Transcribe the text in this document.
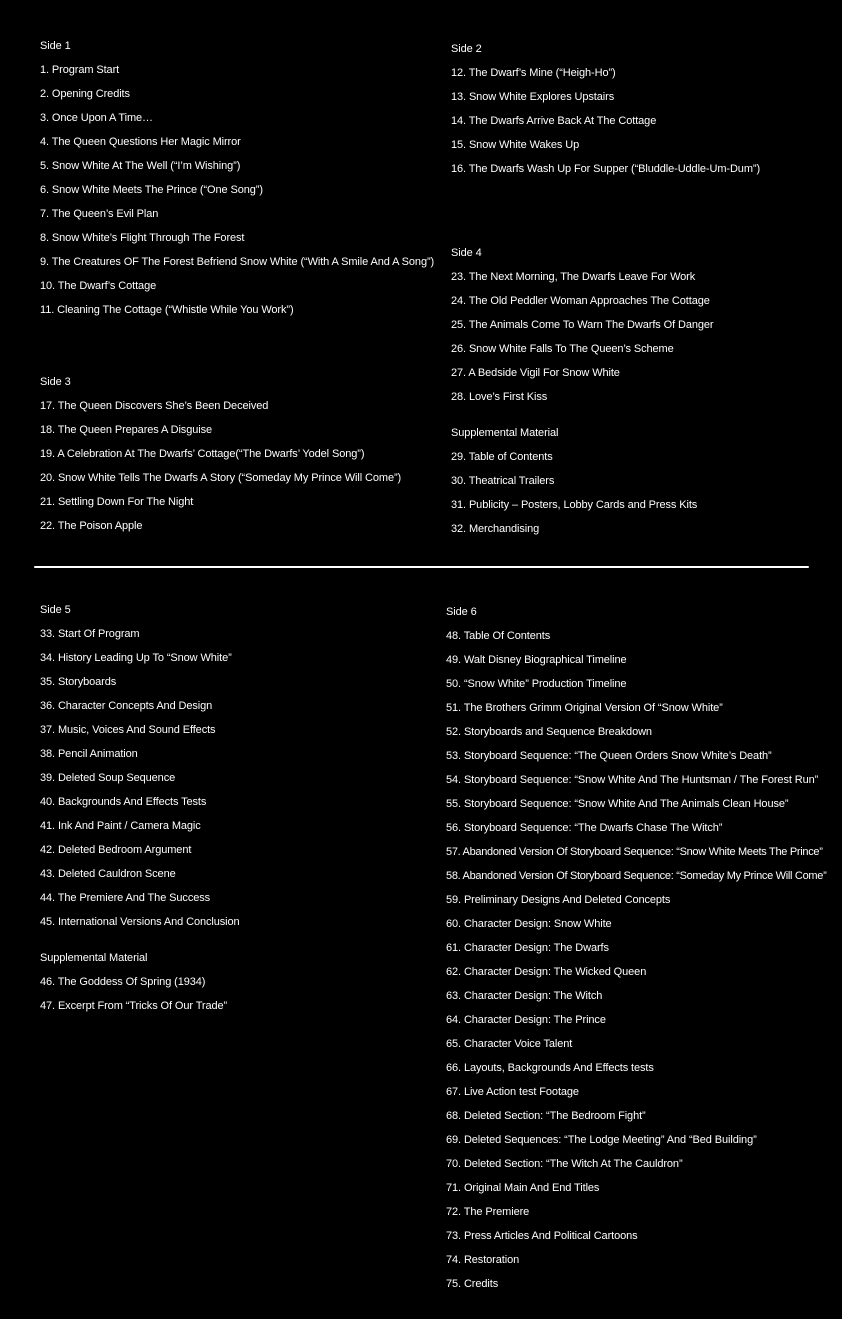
Side 1
1. Program Start
2. Opening Credits
3. Once Upon A Time…
4. The Queen Questions Her Magic Mirror
5. Snow White At The Well (“I’m Wishing”)
6. Snow White Meets The Prince (“One Song”)
7. The Queen’s Evil Plan
8. Snow White’s Flight Through The Forest
9. The Creatures OF The Forest Befriend Snow White (“With A Smile And A Song”)
10. The Dwarf’s Cottage
11. Cleaning The Cottage (“Whistle While You Work”)
Side 2
12. The Dwarf’s Mine (“Heigh-Ho”)
13. Snow White Explores Upstairs
14. The Dwarfs Arrive Back At The Cottage
15. Snow White Wakes Up
16. The Dwarfs Wash Up For Supper (“Bluddle-Uddle-Um-Dum”)
Side 3
17. The Queen Discovers She’s Been Deceived
18. The Queen Prepares A Disguise
19. A Celebration At The Dwarfs’ Cottage(“The Dwarfs’ Yodel Song”)
20. Snow White Tells The Dwarfs A Story (“Someday My Prince Will Come”)
21. Settling Down For The Night
22. The Poison Apple
Side 4
23. The Next Morning, The Dwarfs Leave For Work
24. The Old Peddler Woman Approaches The Cottage
25. The Animals Come To Warn The Dwarfs Of Danger
26. Snow White Falls To The Queen’s Scheme
27. A Bedside Vigil For Snow White
28. Love’s First Kiss
Supplemental Material
29. Table of Contents
30. Theatrical Trailers
31. Publicity – Posters, Lobby Cards and Press Kits
32. Merchandising
Side 5
33. Start Of Program
34. History Leading Up To “Snow White”
35. Storyboards
36. Character Concepts And Design
37. Music, Voices And Sound Effects
38. Pencil Animation
39. Deleted Soup Sequence
40. Backgrounds And Effects Tests
41. Ink And Paint / Camera Magic
42. Deleted Bedroom Argument
43. Deleted Cauldron Scene
44. The Premiere And The Success
45. International Versions And Conclusion
Supplemental Material
46. The Goddess Of Spring (1934)
47. Excerpt From “Tricks Of Our Trade”
Side 6
48. Table Of Contents
49. Walt Disney Biographical Timeline
50. “Snow White” Production Timeline
51. The Brothers Grimm Original Version Of “Snow White”
52. Storyboards and Sequence Breakdown
53. Storyboard Sequence: “The Queen Orders Snow White’s Death”
54. Storyboard Sequence: “Snow White And The Huntsman / The Forest Run”
55. Storyboard Sequence: “Snow White And The Animals Clean House”
56. Storyboard Sequence: “The Dwarfs Chase The Witch”
57. Abandoned Version Of Storyboard Sequence: “Snow White Meets The Prince”
58. Abandoned Version Of Storyboard Sequence: “Someday My Prince Will Come”
59. Preliminary Designs And Deleted Concepts
60. Character Design: Snow White
61. Character Design: The Dwarfs
62. Character Design: The Wicked Queen
63. Character Design: The Witch
64. Character Design: The Prince
65. Character Voice Talent
66. Layouts, Backgrounds And Effects tests
67. Live Action test Footage
68. Deleted Section: “The Bedroom Fight”
69. Deleted Sequences: “The Lodge Meeting” And “Bed Building”
70. Deleted Section: “The Witch At The Cauldron”
71. Original Main And End Titles
72. The Premiere
73. Press Articles And Political Cartoons
74. Restoration
75. Credits
